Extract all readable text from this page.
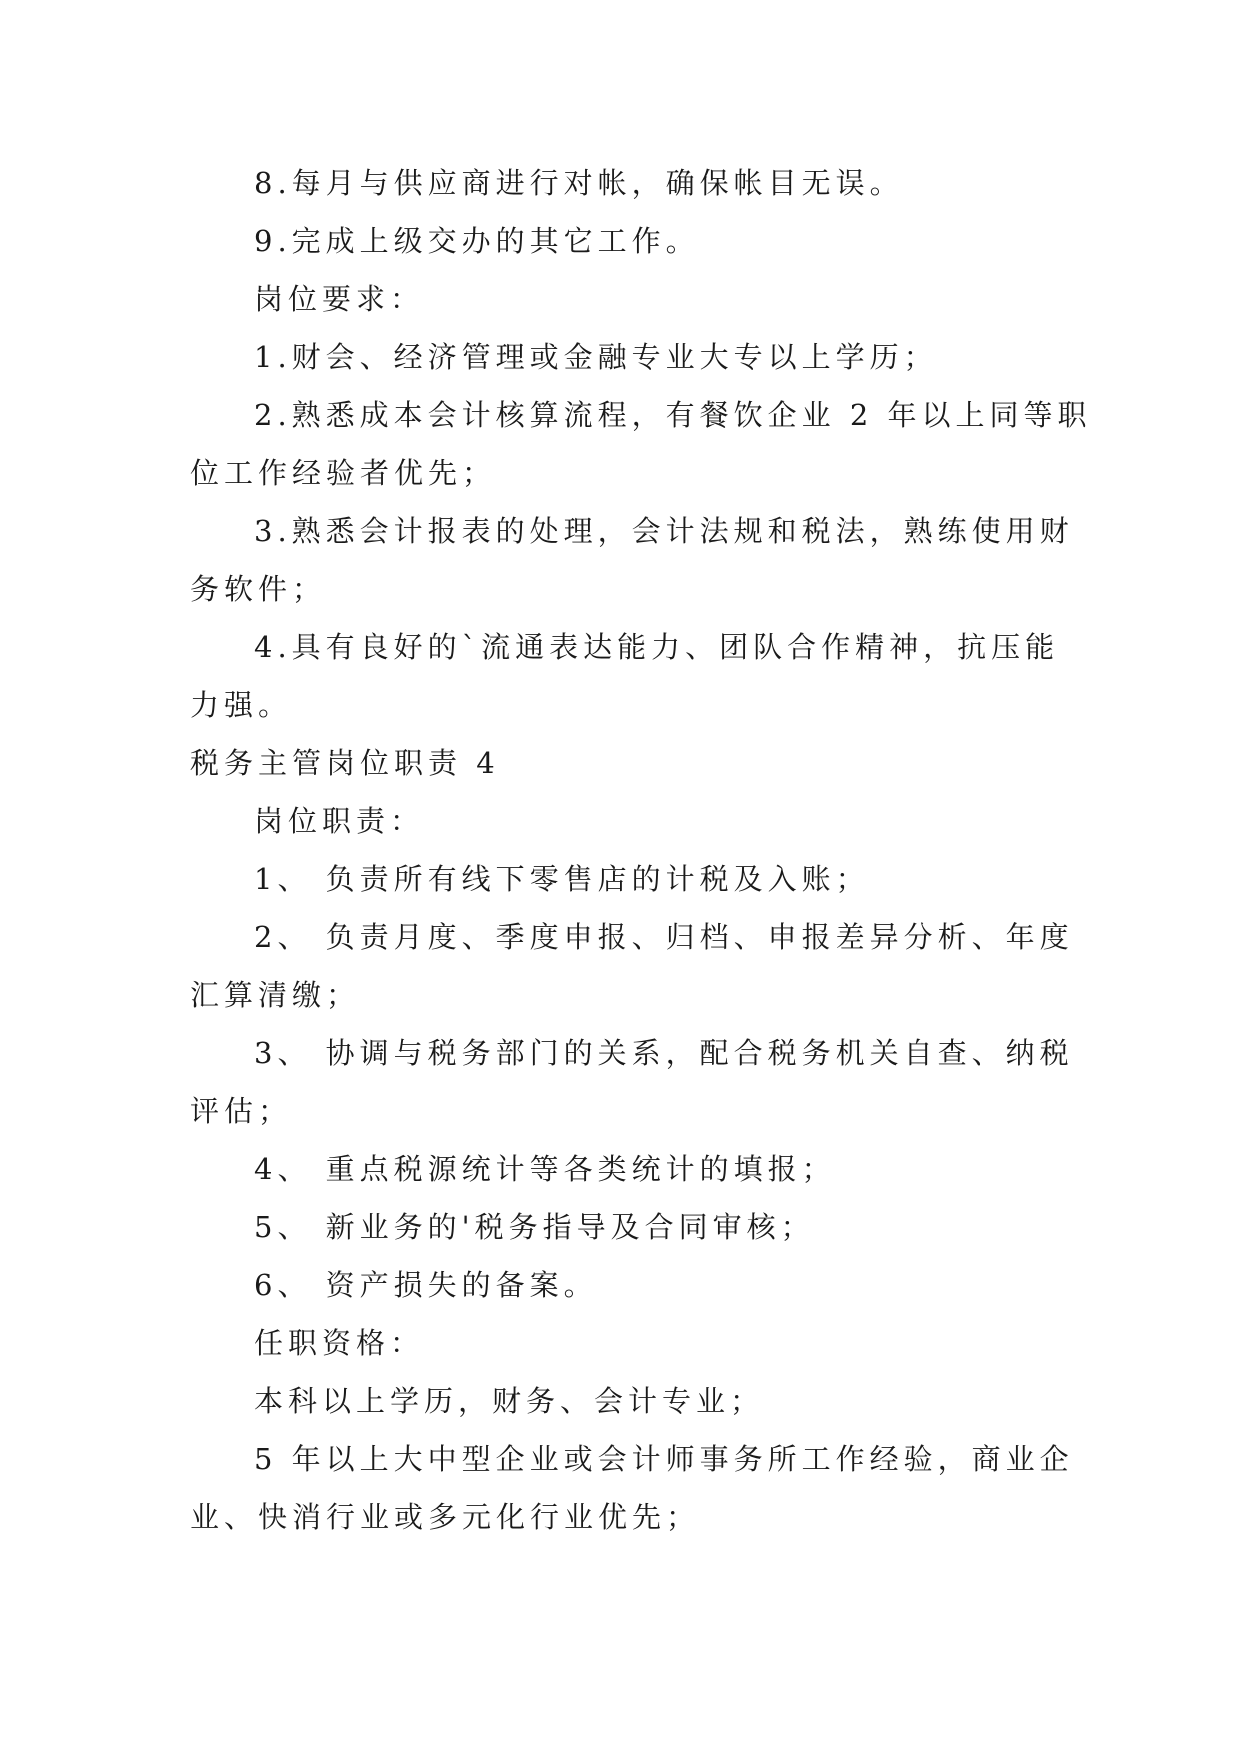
8.每月与供应商进行对帐，确保帐目无误。

9.完成上级交办的其它工作。

岗位要求：

1.财会、经济管理或金融专业大专以上学历；

2.熟悉成本会计核算流程，有餐饮企业 2 年以上同等职

位工作经验者优先；

3.熟悉会计报表的处理，会计法规和税法，熟练使用财

务软件；

4.具有良好的`流通表达能力、团队合作精神，抗压能

力强。

税务主管岗位职责 4

岗位职责：

1、 负责所有线下零售店的计税及入账；

2、 负责月度、季度申报、归档、申报差异分析、年度

汇算清缴；

3、 协调与税务部门的关系，配合税务机关自查、纳税

评估；

4、 重点税源统计等各类统计的填报；

5、 新业务的'税务指导及合同审核；

6、 资产损失的备案。

任职资格：

本科以上学历，财务、会计专业；

5 年以上大中型企业或会计师事务所工作经验，商业企

业、快消行业或多元化行业优先；
